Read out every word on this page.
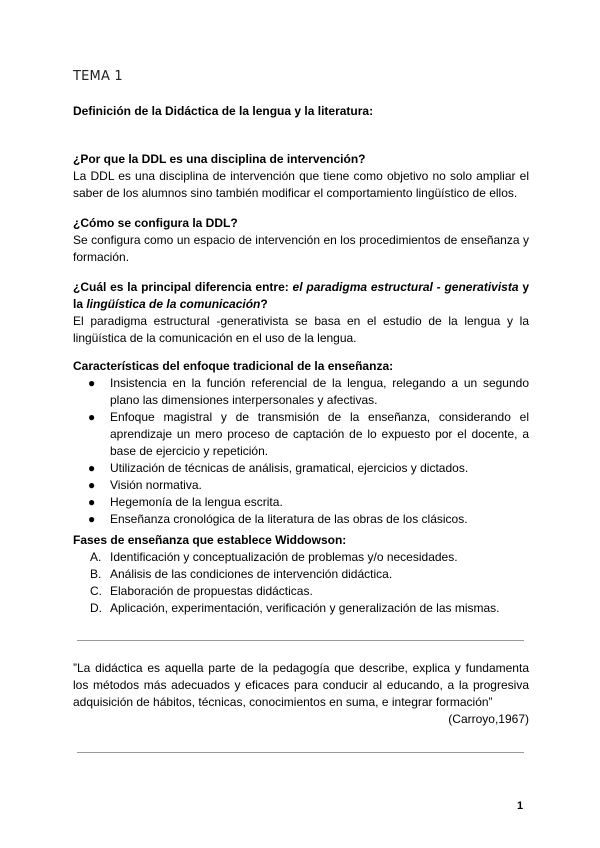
TEMA 1
Definición de la Didáctica de la lengua y la literatura:
¿Por que la DDL es una disciplina de intervención?
La DDL es una disciplina de intervención que tiene como objetivo no solo ampliar el saber de los alumnos sino también modificar el comportamiento lingüístico de ellos.
¿Cómo se configura la DDL?
Se configura como un espacio de intervención en los procedimientos de enseñanza y formación.
¿Cuál es la principal diferencia entre: el paradigma estructural - generativista y la lingüística de la comunicación?
El paradigma estructural -generativista se basa en el estudio de la lengua y la lingüística de la comunicación en el uso de la lengua.
Características del enfoque tradicional de la enseñanza:
● Insistencia en la función referencial de la lengua, relegando a un segundo plano las dimensiones interpersonales y afectivas.
● Enfoque magistral y de transmisión de la enseñanza, considerando el aprendizaje un mero proceso de captación de lo expuesto por el docente, a base de ejercicio y repetición.
● Utilización de técnicas de análisis, gramatical, ejercicios y dictados.
● Visión normativa.
● Hegemonía de la lengua escrita.
● Enseñanza cronológica de la literatura de las obras de los clásicos.
Fases de enseñanza que establece Widdowson:
A. Identificación y conceptualización de problemas y/o necesidades.
B. Análisis de las condiciones de intervención didáctica.
C. Elaboración de propuestas didácticas.
D. Aplicación, experimentación, verificación y generalización de las mismas.
”La didáctica es aquella parte de la pedagogía que describe, explica y fundamenta los métodos más adecuados y eficaces para conducir al educando, a la progresiva adquisición de hábitos, técnicas, conocimientos en suma, e integrar formación”
(Carroyo,1967)
1
